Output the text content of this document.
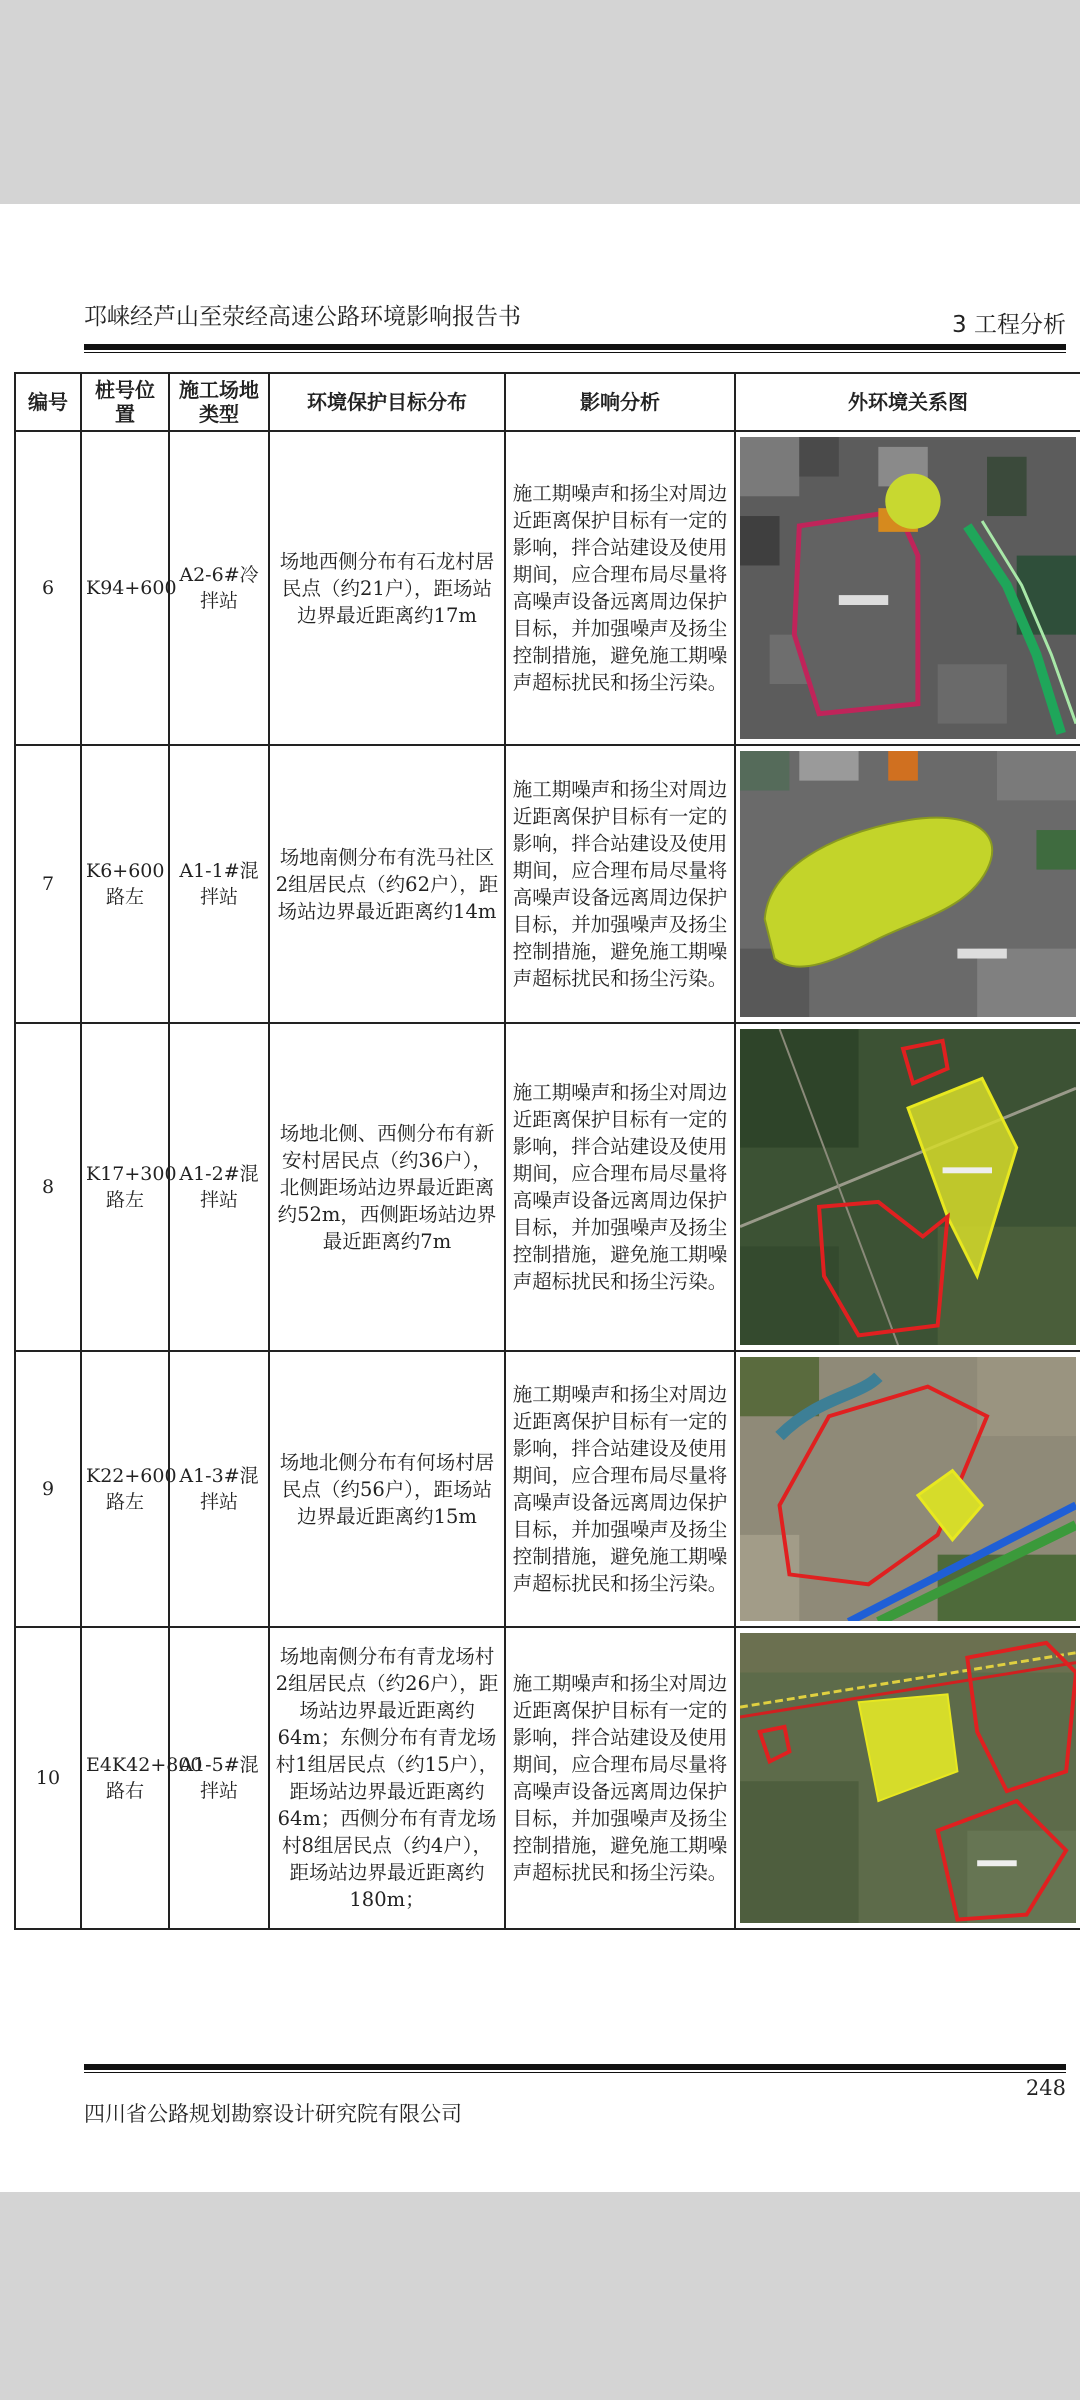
邛崃经芦山至荥经高速公路环境影响报告书	3 工程分析
编号	桩号位置	施工场地类型	环境保护目标分布	影响分析	外环境关系图
6	K94+600	A2-6#冷拌站	场地西侧分布有石龙村居民点（约21户），距场站边界最近距离约17m	施工期噪声和扬尘对周边近距离保护目标有一定的影响，拌合站建设及使用期间，应合理布局尽量将高噪声设备远离周边保护目标，并加强噪声及扬尘控制措施，避免施工期噪声超标扰民和扬尘污染。	

7	K6+600路左	A1-1#混拌站	场地南侧分布有洗马社区2组居民点（约62户），距场站边界最近距离约14m	施工期噪声和扬尘对周边近距离保护目标有一定的影响，拌合站建设及使用期间，应合理布局尽量将高噪声设备远离周边保护目标，并加强噪声及扬尘控制措施，避免施工期噪声超标扰民和扬尘污染。	

8	K17+300路左	A1-2#混拌站	场地北侧、西侧分布有新安村居民点（约36户），北侧距场站边界最近距离约52m，西侧距场站边界最近距离约7m	施工期噪声和扬尘对周边近距离保护目标有一定的影响，拌合站建设及使用期间，应合理布局尽量将高噪声设备远离周边保护目标，并加强噪声及扬尘控制措施，避免施工期噪声超标扰民和扬尘污染。	

9	K22+600路左	A1-3#混拌站	场地北侧分布有何场村居民点（约56户），距场站边界最近距离约15m	施工期噪声和扬尘对周边近距离保护目标有一定的影响，拌合站建设及使用期间，应合理布局尽量将高噪声设备远离周边保护目标，并加强噪声及扬尘控制措施，避免施工期噪声超标扰民和扬尘污染。	

10	E4K42+800路右	A1-5#混拌站	场地南侧分布有青龙场村2组居民点（约26户），距场站边界最近距离约64m；东侧分布有青龙场村1组居民点（约15户），距场站边界最近距离约64m；西侧分布有青龙场村8组居民点（约4户），距场站边界最近距离约180m；	施工期噪声和扬尘对周边近距离保护目标有一定的影响，拌合站建设及使用期间，应合理布局尽量将高噪声设备远离周边保护目标，并加强噪声及扬尘控制措施，避免施工期噪声超标扰民和扬尘污染。	
四川省公路规划勘察设计研究院有限公司
248
